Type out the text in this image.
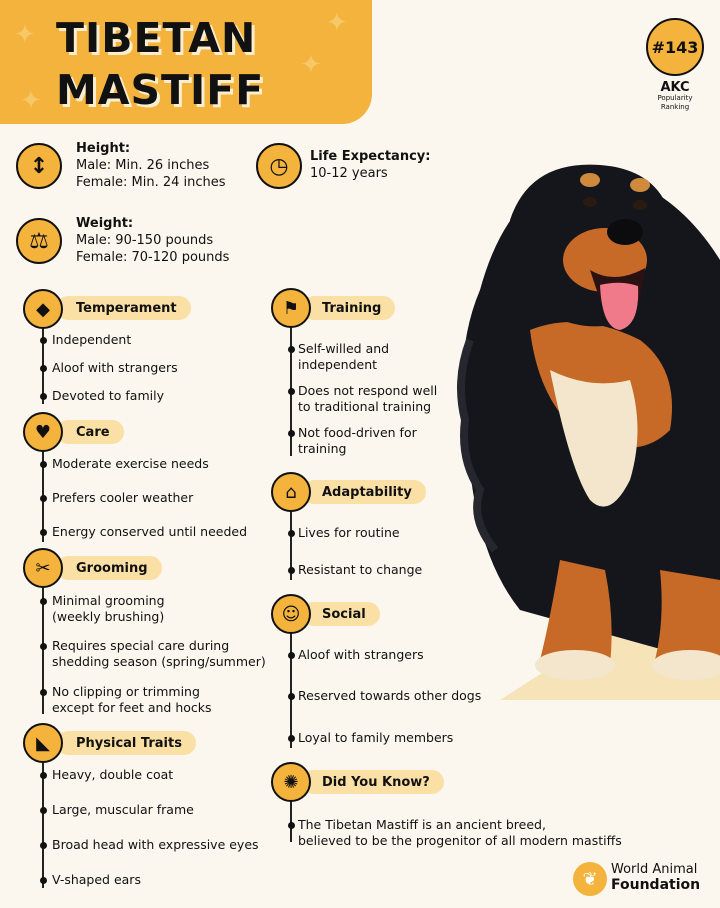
✦
✦
✦
✦
TIBETAN
MASTIFF
#143
AKC
Popularity
Ranking
↕
Height:
Male: Min. 26 inches
Female: Min. 24 inches
◷	Life Expectancy:
10-12 years
⚖
Weight:
Male: 90-150 pounds
Female: 70-120 pounds
◆	Temperament
Independent
Aloof with strangers
Devoted to family
♥	Care
Moderate exercise needs
Prefers cooler weather
Energy conserved until needed
✂	Grooming
Minimal grooming
(weekly brushing)
Requires special care during
shedding season (spring/summer)
No clipping or trimming
except for feet and hocks
◣	Physical Traits
Heavy, double coat
Large, muscular frame
Broad head with expressive eyes
V-shaped ears
⚑	Training
Self-willed and
independent
Does not respond well
to traditional training
Not food-driven for
training
⌂	Adaptability
Lives for routine
Resistant to change
☺	Social
Aloof with strangers
Reserved towards other dogs
Loyal to family members
✺	Did You Know?
The Tibetan Mastiff is an ancient breed,
believed to be the progenitor of all modern mastiffs
❦	World Animal
Foundation
